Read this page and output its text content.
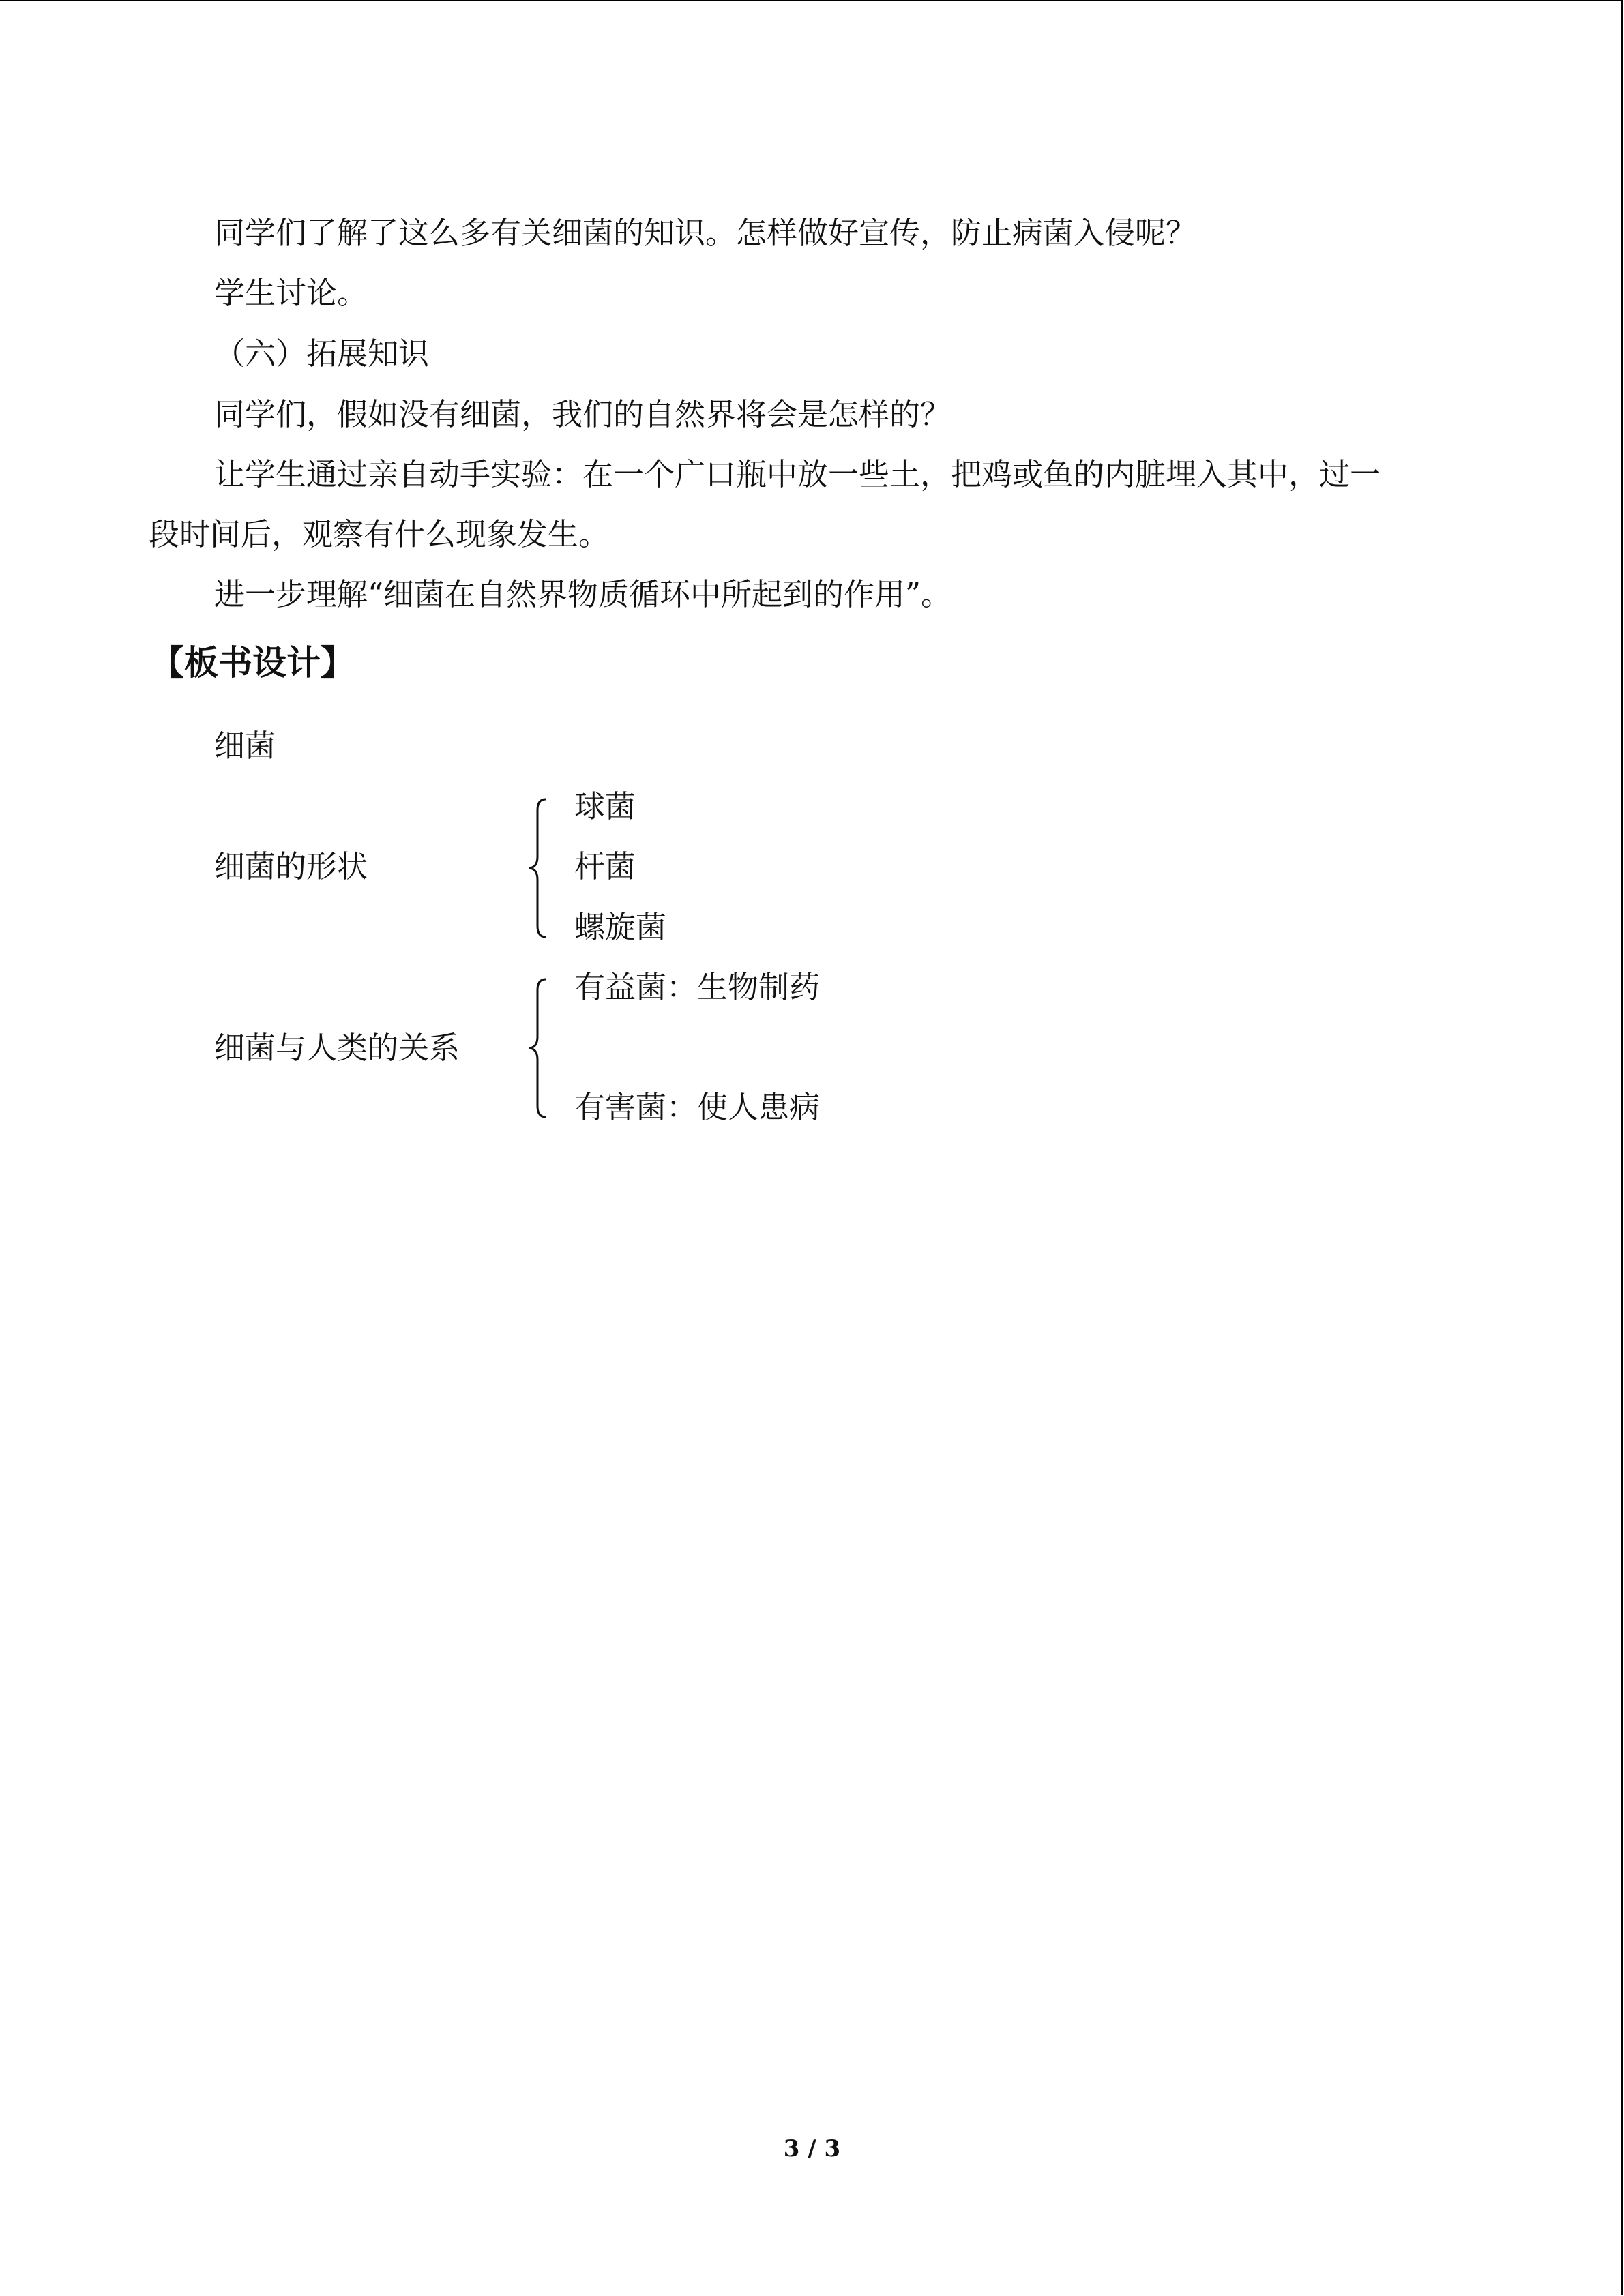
同学们了解了这么多有关细菌的知识。怎样做好宣传，防止病菌入侵呢？
学生讨论。
（六）拓展知识
同学们，假如没有细菌，我们的自然界将会是怎样的？
让学生通过亲自动手实验：在一个广口瓶中放一些土，把鸡或鱼的内脏埋入其中，过一
段时间后，观察有什么现象发生。
进一步理解“细菌在自然界物质循环中所起到的作用”。
【板书设计】
细菌
细菌的形状
球菌
杆菌
螺旋菌
细菌与人类的关系
有益菌：生物制药
有害菌：使人患病
3 / 3
